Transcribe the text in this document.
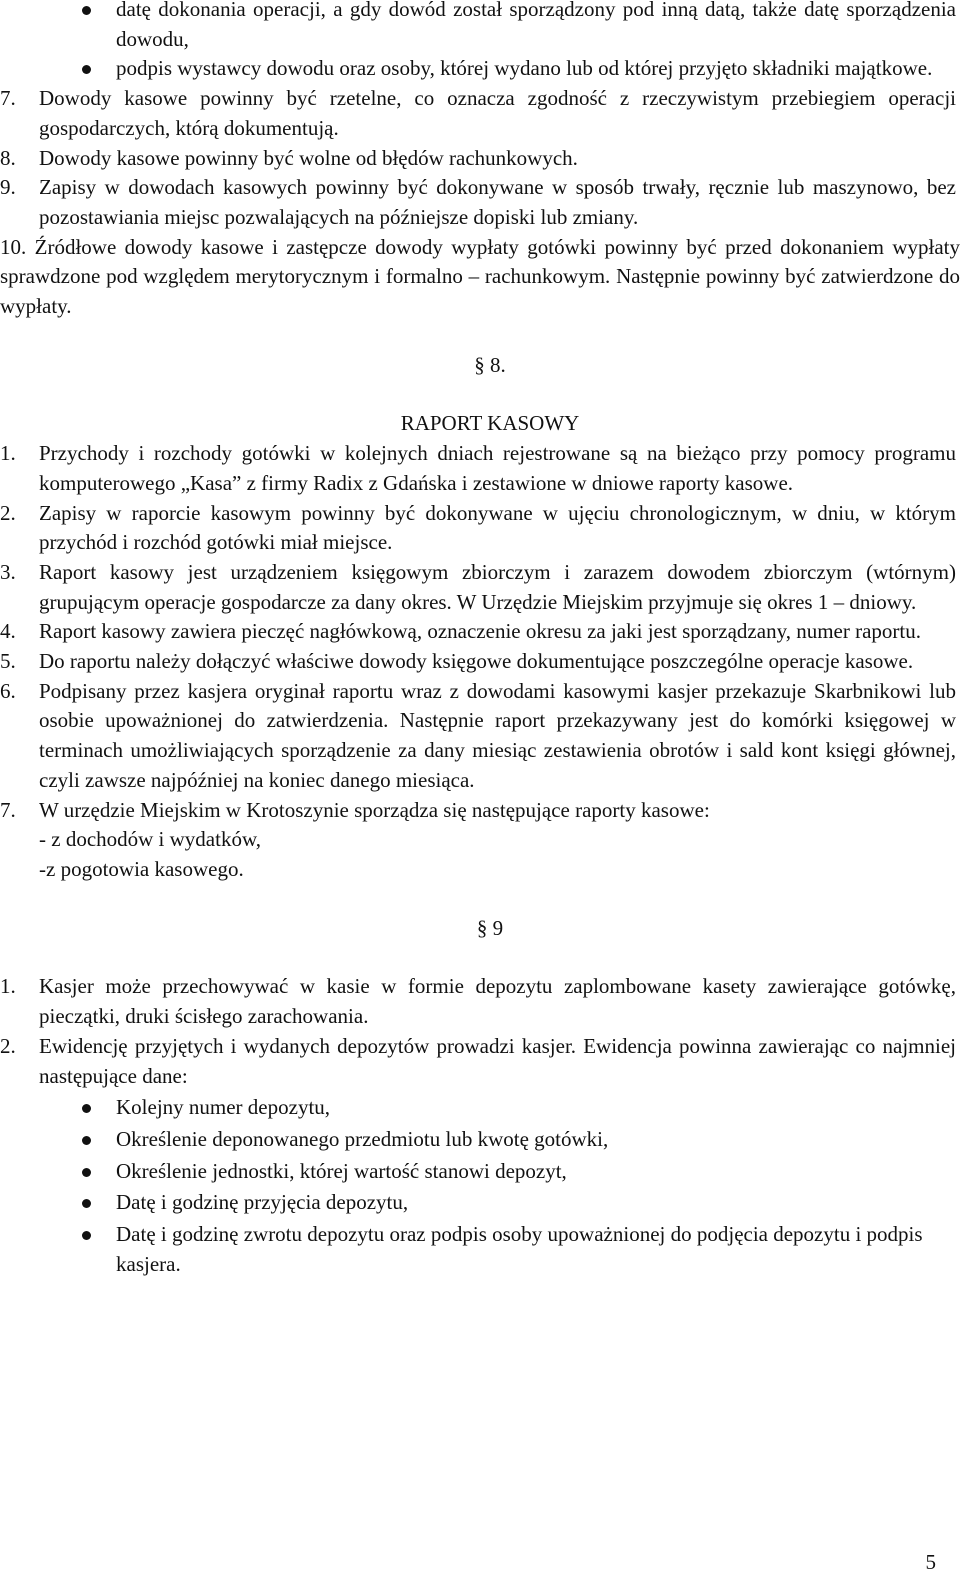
datę dokonania operacji, a gdy dowód został sporządzony pod inną datą, także datę sporządzenia dowodu,
podpis wystawcy dowodu oraz osoby, której wydano lub od której przyjęto składniki majątkowe.
7. Dowody kasowe powinny być rzetelne, co oznacza zgodność z rzeczywistym przebiegiem operacji gospodarczych, którą dokumentują.
8. Dowody kasowe powinny być wolne od błędów rachunkowych.
9. Zapisy w dowodach kasowych powinny być dokonywane w sposób trwały, ręcznie lub maszynowo, bez pozostawiania miejsc pozwalających na późniejsze dopiski lub zmiany.
10. Źródłowe dowody kasowe i zastępcze dowody wypłaty gotówki powinny być przed dokonaniem wypłaty sprawdzone pod względem merytorycznym i formalno – rachunkowym. Następnie powinny być zatwierdzone do wypłaty.
§ 8.
RAPORT KASOWY
1. Przychody i rozchody gotówki w kolejnych dniach rejestrowane są na bieżąco przy pomocy programu komputerowego „Kasa” z firmy Radix z Gdańska i zestawione w dniowe raporty kasowe.
2. Zapisy w raporcie kasowym powinny być dokonywane w ujęciu chronologicznym, w dniu, w którym przychód i rozchód gotówki miał miejsce.
3. Raport kasowy jest urządzeniem księgowym zbiorczym i zarazem dowodem zbiorczym (wtórnym) grupującym operacje gospodarcze za dany okres. W Urzędzie Miejskim przyjmuje się okres 1 – dniowy.
4. Raport kasowy zawiera pieczęć nagłówkową, oznaczenie okresu za jaki jest sporządzany, numer raportu.
5. Do raportu należy dołączyć właściwe dowody księgowe dokumentujące poszczególne operacje kasowe.
6. Podpisany przez kasjera oryginał raportu wraz z dowodami kasowymi kasjer przekazuje Skarbnikowi lub osobie upoważnionej do zatwierdzenia. Następnie raport przekazywany jest do komórki księgowej w terminach umożliwiających sporządzenie za dany miesiąc zestawienia obrotów i sald kont księgi głównej, czyli zawsze najpóźniej na koniec danego miesiąca.
7. W urzędzie Miejskim w Krotoszynie sporządza się następujące raporty kasowe:
- z dochodów i wydatków,
-z pogotowia kasowego.
§ 9
1. Kasjer może przechowywać w kasie w formie depozytu zaplombowane kasety zawierające gotówkę, pieczątki, druki ścisłego zarachowania.
2. Ewidencję przyjętych i wydanych depozytów prowadzi kasjer. Ewidencja powinna zawierając co najmniej następujące dane:
Kolejny numer depozytu,
Określenie deponowanego przedmiotu lub kwotę gotówki,
Określenie jednostki, której wartość stanowi depozyt,
Datę i godzinę przyjęcia depozytu,
Datę i godzinę zwrotu depozytu oraz podpis osoby upoważnionej do podjęcia depozytu i podpis kasjera.
5
